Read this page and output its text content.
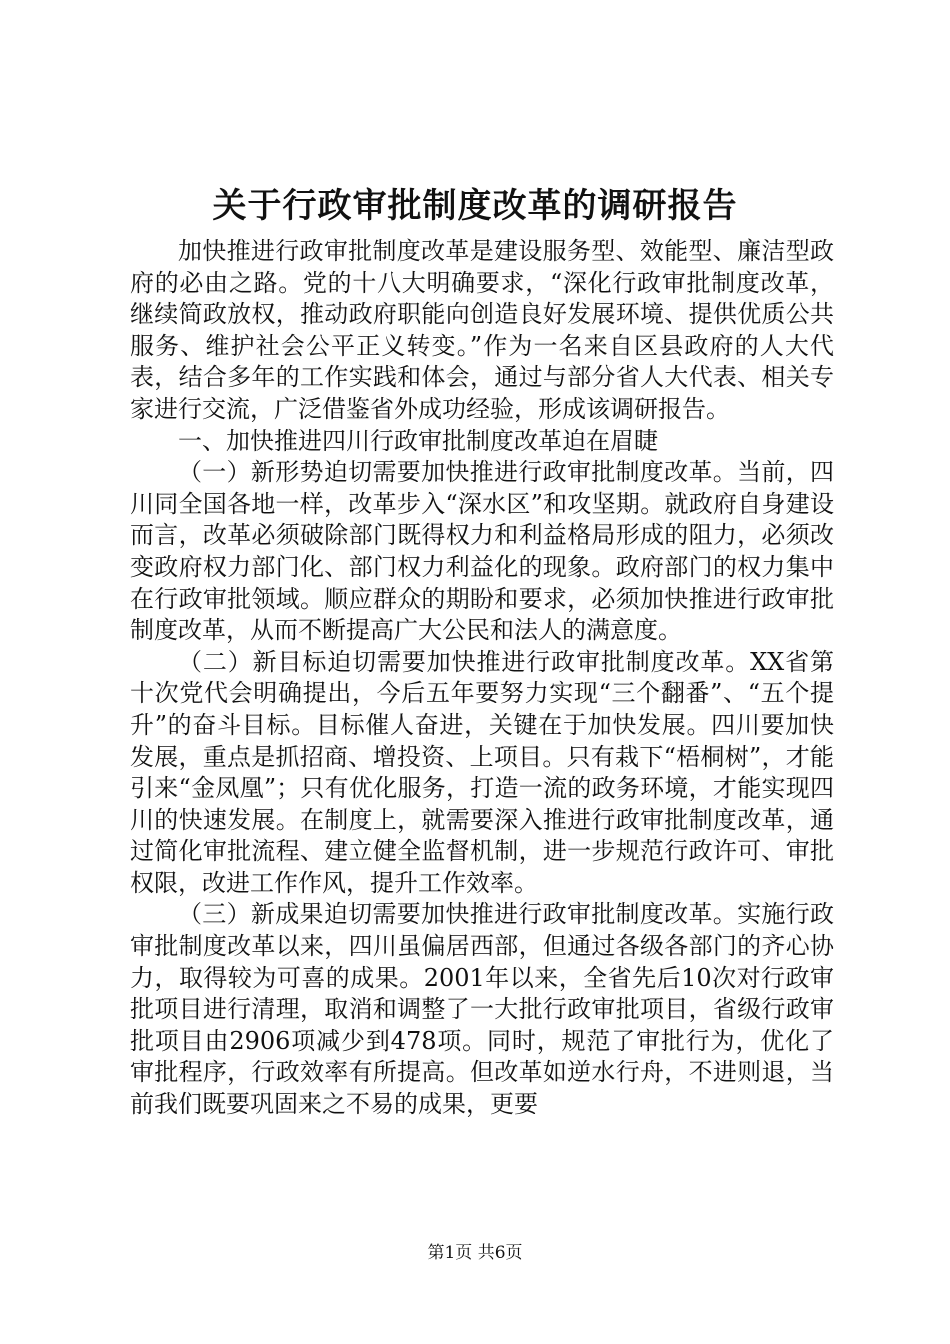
关于行政审批制度改革的调研报告

加快推进行政审批制度改革是建设服务型、效能型、廉洁型政府的必由之路。党的十八大明确要求，“深化行政审批制度改革，继续简政放权，推动政府职能向创造良好发展环境、提供优质公共服务、维护社会公平正义转变。”作为一名来自区县政府的人大代表，结合多年的工作实践和体会，通过与部分省人大代表、相关专家进行交流，广泛借鉴省外成功经验，形成该调研报告。

一、加快推进四川行政审批制度改革迫在眉睫

（一）新形势迫切需要加快推进行政审批制度改革。当前，四川同全国各地一样，改革步入“深水区”和攻坚期。就政府自身建设而言，改革必须破除部门既得权力和利益格局形成的阻力，必须改变政府权力部门化、部门权力利益化的现象。政府部门的权力集中在行政审批领域。顺应群众的期盼和要求，必须加快推进行政审批制度改革，从而不断提高广大公民和法人的满意度。

（二）新目标迫切需要加快推进行政审批制度改革。XX省第十次党代会明确提出，今后五年要努力实现“三个翻番”、“五个提升”的奋斗目标。目标催人奋进，关键在于加快发展。四川要加快发展，重点是抓招商、增投资、上项目。只有栽下“梧桐树”，才能引来“金凤凰”；只有优化服务，打造一流的政务环境，才能实现四川的快速发展。在制度上，就需要深入推进行政审批制度改革，通过简化审批流程、建立健全监督机制，进一步规范行政许可、审批权限，改进工作作风，提升工作效率。

（三）新成果迫切需要加快推进行政审批制度改革。实施行政审批制度改革以来，四川虽偏居西部，但通过各级各部门的齐心协力，取得较为可喜的成果。2001年以来，全省先后10次对行政审批项目进行清理，取消和调整了一大批行政审批项目，省级行政审批项目由2906项减少到478项。同时，规范了审批行为，优化了审批程序，行政效率有所提高。但改革如逆水行舟，不进则退，当前我们既要巩固来之不易的成果，更要

第1页 共6页
